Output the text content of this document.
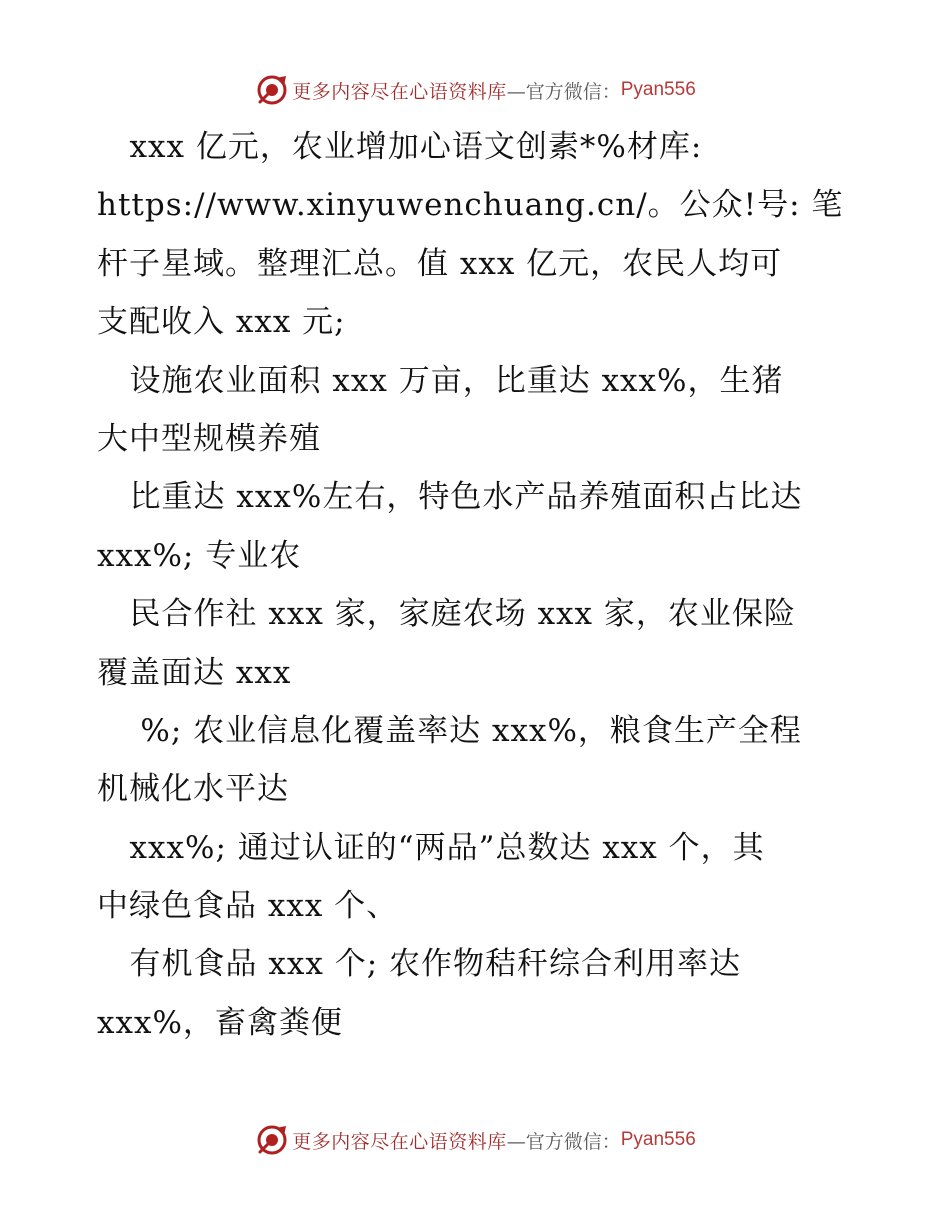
更多内容尽在心语资料库 —官方微信： Pyan556
xxx 亿元，农业增加心语文创素*%材库:
https://www.xinyuwenchuang.cn/。公众!号: 笔
杆子星域。整理汇总。值 xxx 亿元，农民人均可
支配收入 xxx 元;
设施农业面积 xxx 万亩，比重达 xxx%，生猪
大中型规模养殖
比重达 xxx%左右，特色水产品养殖面积占比达
xxx%; 专业农
民合作社 xxx 家，家庭农场 xxx 家，农业保险
覆盖面达 xxx
%; 农业信息化覆盖率达 xxx%，粮食生产全程
机械化水平达
xxx%; 通过认证的“两品”总数达 xxx 个，其
中绿色食品 xxx 个、
有机食品 xxx 个; 农作物秸秆综合利用率达
xxx%，畜禽粪便
更多内容尽在心语资料库 —官方微信： Pyan556
